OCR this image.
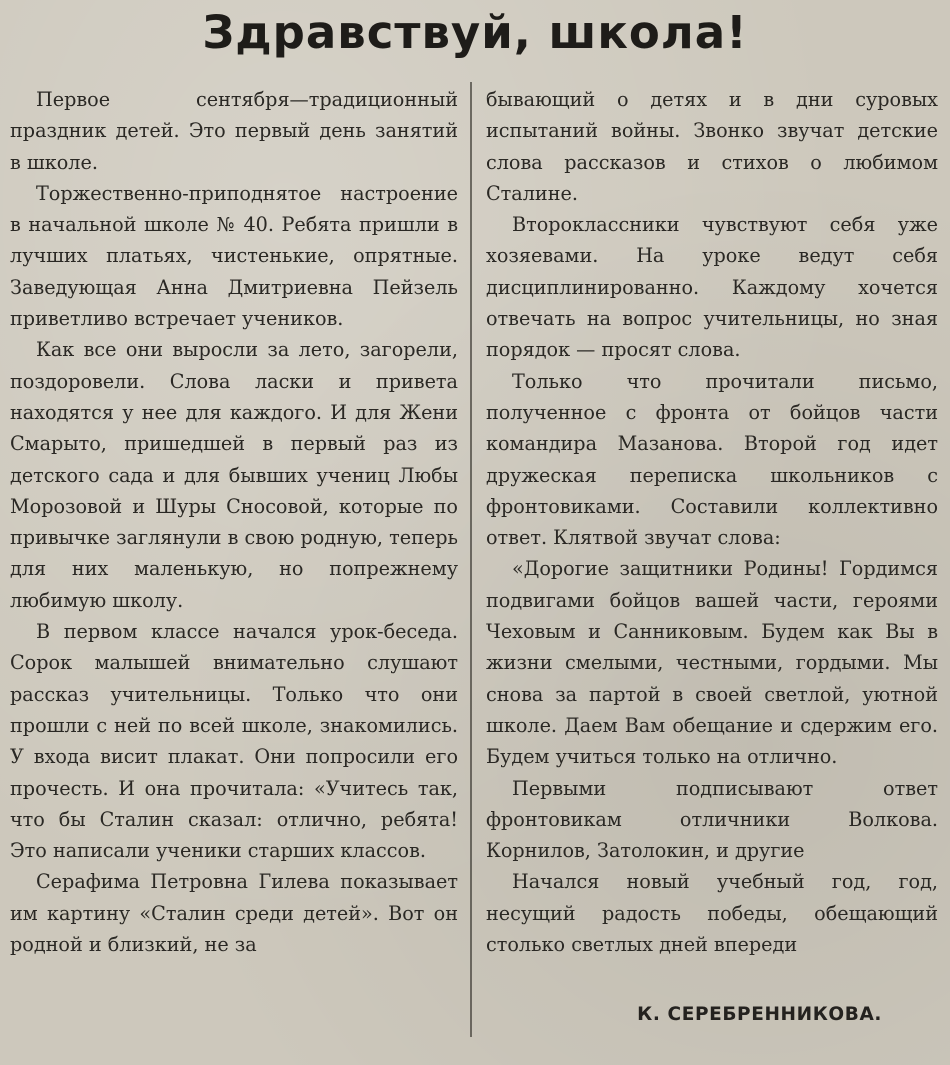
Здравствуй, школа!

Первое сентября—традиционный праздник детей. Это первый день занятий в школе.

Торжественно-приподнятое настроение в начальной школе № 40. Ребята пришли в лучших платьях, чистенькие, опрятные. Заведующая Анна Дмитриевна Пейзель приветливо встречает учеников.

Как все они выросли за лето, загорели, поздоровели. Слова ласки и привета находятся у нее для каждого. И для Жени Смарыто, пришедшей в первый раз из детского сада и для бывших учениц Любы Морозовой и Шуры Сносовой, которые по привычке заглянули в свою родную, теперь для них маленькую, но попрежнему любимую школу.

В первом классе начался урок-беседа. Сорок малышей внимательно слушают рассказ учительницы. Только что они прошли с ней по всей школе, знакомились. У входа висит плакат. Они попросили его прочесть. И она прочитала: «Учитесь так, что бы Сталин сказал: отлично, ребята! Это написали ученики старших классов.

Серафима Петровна Гилева показывает им картину «Сталин среди детей». Вот он родной и близкий, не за

бывающий о детях и в дни суровых испытаний войны. Звонко звучат детские слова рассказов и стихов о любимом Сталине.

Второклассники чувствуют себя уже хозяевами. На уроке ведут себя дисциплинированно. Каждому хочется отвечать на вопрос учительницы, но зная порядок — просят слова.

Только что прочитали письмо, полученное с фронта от бойцов части командира Мазанова. Второй год идет дружеская переписка школьников с фронтовиками. Составили коллективно ответ. Клятвой звучат слова:

«Дорогие защитники Родины! Гордимся подвигами бойцов вашей части, героями Чеховым и Санниковым. Будем как Вы в жизни смелыми, честными, гордыми. Мы снова за партой в своей светлой, уютной школе. Даем Вам обещание и сдержим его. Будем учиться только на отлично.

Первыми подписывают ответ фронтовикам отличники Волкова. Корнилов, Затолокин, и другие

Начался новый учебный год, год, несущий радость победы, обещающий столько светлых дней впереди

К. СЕРЕБРЕННИКОВА.
